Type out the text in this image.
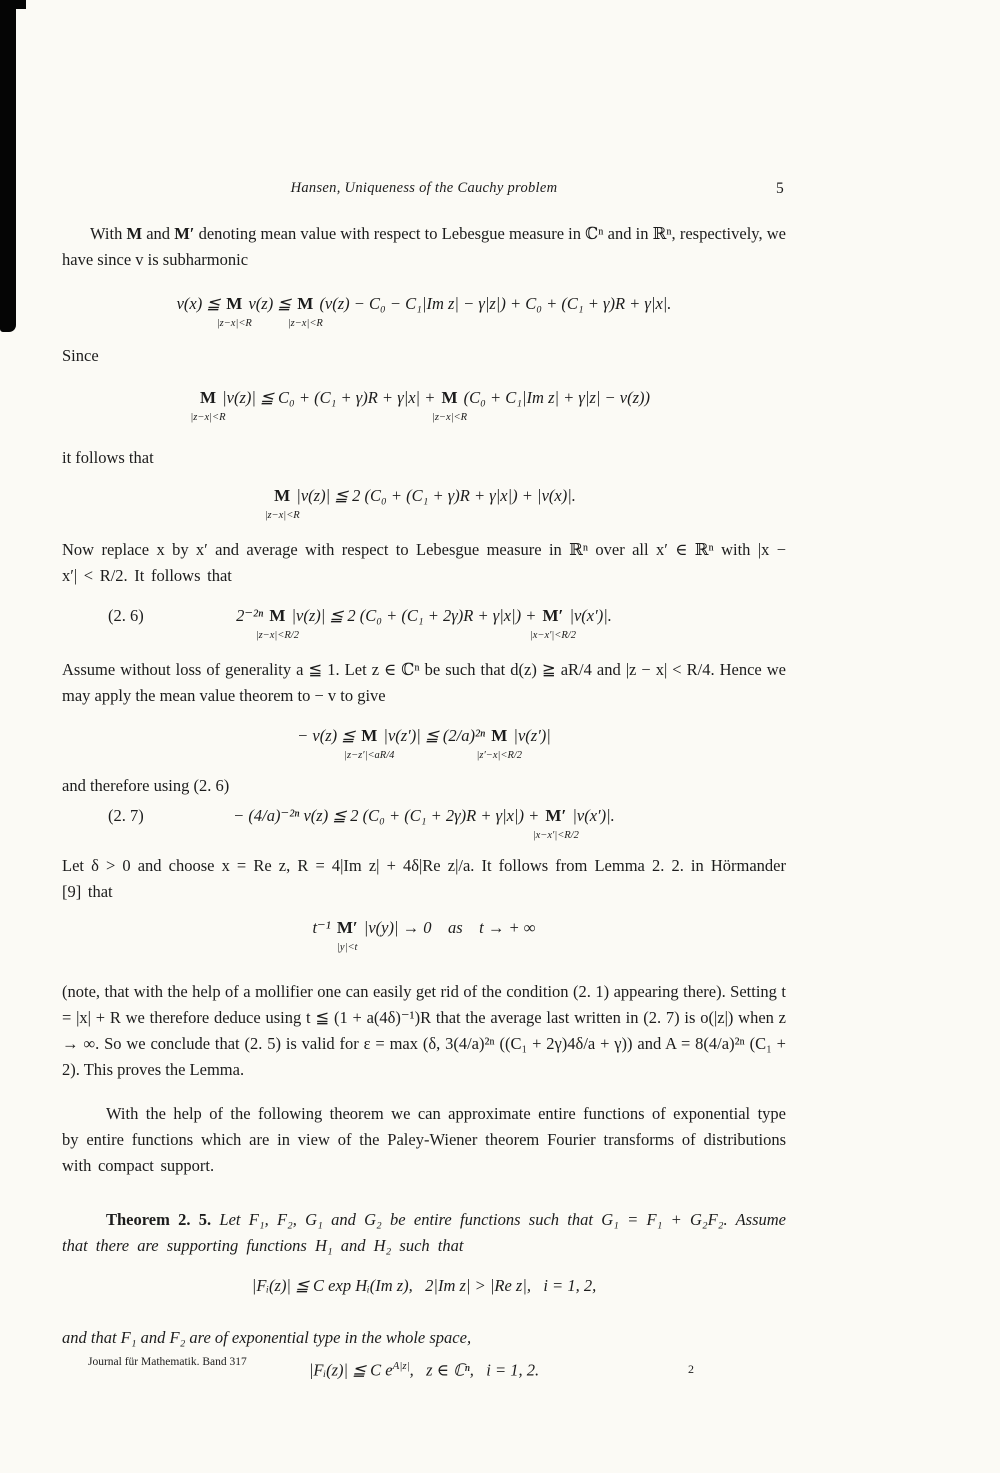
Hansen, Uniqueness of the Cauchy problem	5

With M and M′ denoting mean value with respect to Lebesgue measure in ℂⁿ and in ℝⁿ, respectively, we have since v is subharmonic

v(x) ≦ M
|z−x|<R
v(z) ≦ M
|z−x|<R
(v(z) − C₀ − C₁|Im z| − γ|z|) + C₀ + (C₁ + γ)R + γ|x|.

Since

M
|z−x|<R
|v(z)| ≦ C₀ + (C₁ + γ)R + γ|x| + M
|z−x|<R
(C₀ + C₁|Im z| + γ|z| − v(z))

it follows that

M
|z−x|<R
|v(z)| ≦ 2 (C₀ + (C₁ + γ)R + γ|x|) + |v(x)|.

Now replace x by x′ and average with respect to Lebesgue measure in ℝⁿ over all x′ ∈ ℝⁿ with |x − x′| < R/2. It follows that

(2. 6)	2⁻²ⁿ M
|z−x|<R/2
|v(z)| ≦ 2 (C₀ + (C₁ + 2γ)R + γ|x|) + M′
|x−x′|<R/2
|v(x′)|.

Assume without loss of generality a ≦ 1. Let z ∈ ℂⁿ be such that d(z) ≧ aR/4 and |z − x| < R/4. Hence we may apply the mean value theorem to − v to give

− v(z) ≦ M
|z−z′|<aR/4
|v(z′)| ≦ (2/a)²ⁿ M
|z′−x|<R/2
|v(z′)|

and therefore using (2. 6)

(2. 7)	− (4/a)⁻²ⁿ v(z) ≦ 2 (C₀ + (C₁ + 2γ)R + γ|x|) + M′
|x−x′|<R/2
|v(x′)|.

Let δ > 0 and choose x = Re z, R = 4|Im z| + 4δ|Re z|/a. It follows from Lemma 2. 2. in Hörmander [9] that

t⁻¹ M′
|y|<t
|v(y)| → 0 as t → + ∞

(note, that with the help of a mollifier one can easily get rid of the condition (2. 1) appearing there). Setting t = |x| + R we therefore deduce using t ≦ (1 + a(4δ)⁻¹)R that the average last written in (2. 7) is o(|z|) when z → ∞. So we conclude that (2. 5) is valid for ε = max (δ, 3(4/a)²ⁿ ((C₁ + 2γ)4δ/a + γ)) and A = 8(4/a)²ⁿ (C₁ + 2). This proves the Lemma.

With the help of the following theorem we can approximate entire functions of exponential type by entire functions which are in view of the Paley-Wiener theorem Fourier transforms of distributions with compact support.

Theorem 2. 5. Let F₁, F₂, G₁ and G₂ be entire functions such that G₁ = F₁ + G₂F₂. Assume that there are supporting functions H₁ and H₂ such that

|Fᵢ(z)| ≦ C exp Hᵢ(Im z),  2|Im z| > |Re z|,  i = 1, 2,

and that F₁ and F₂ are of exponential type in the whole space,

|Fᵢ(z)| ≦ C $e^{A|z|}$,  z ∈ ℂⁿ,  i = 1, 2.
Journal für Mathematik. Band 317	2
